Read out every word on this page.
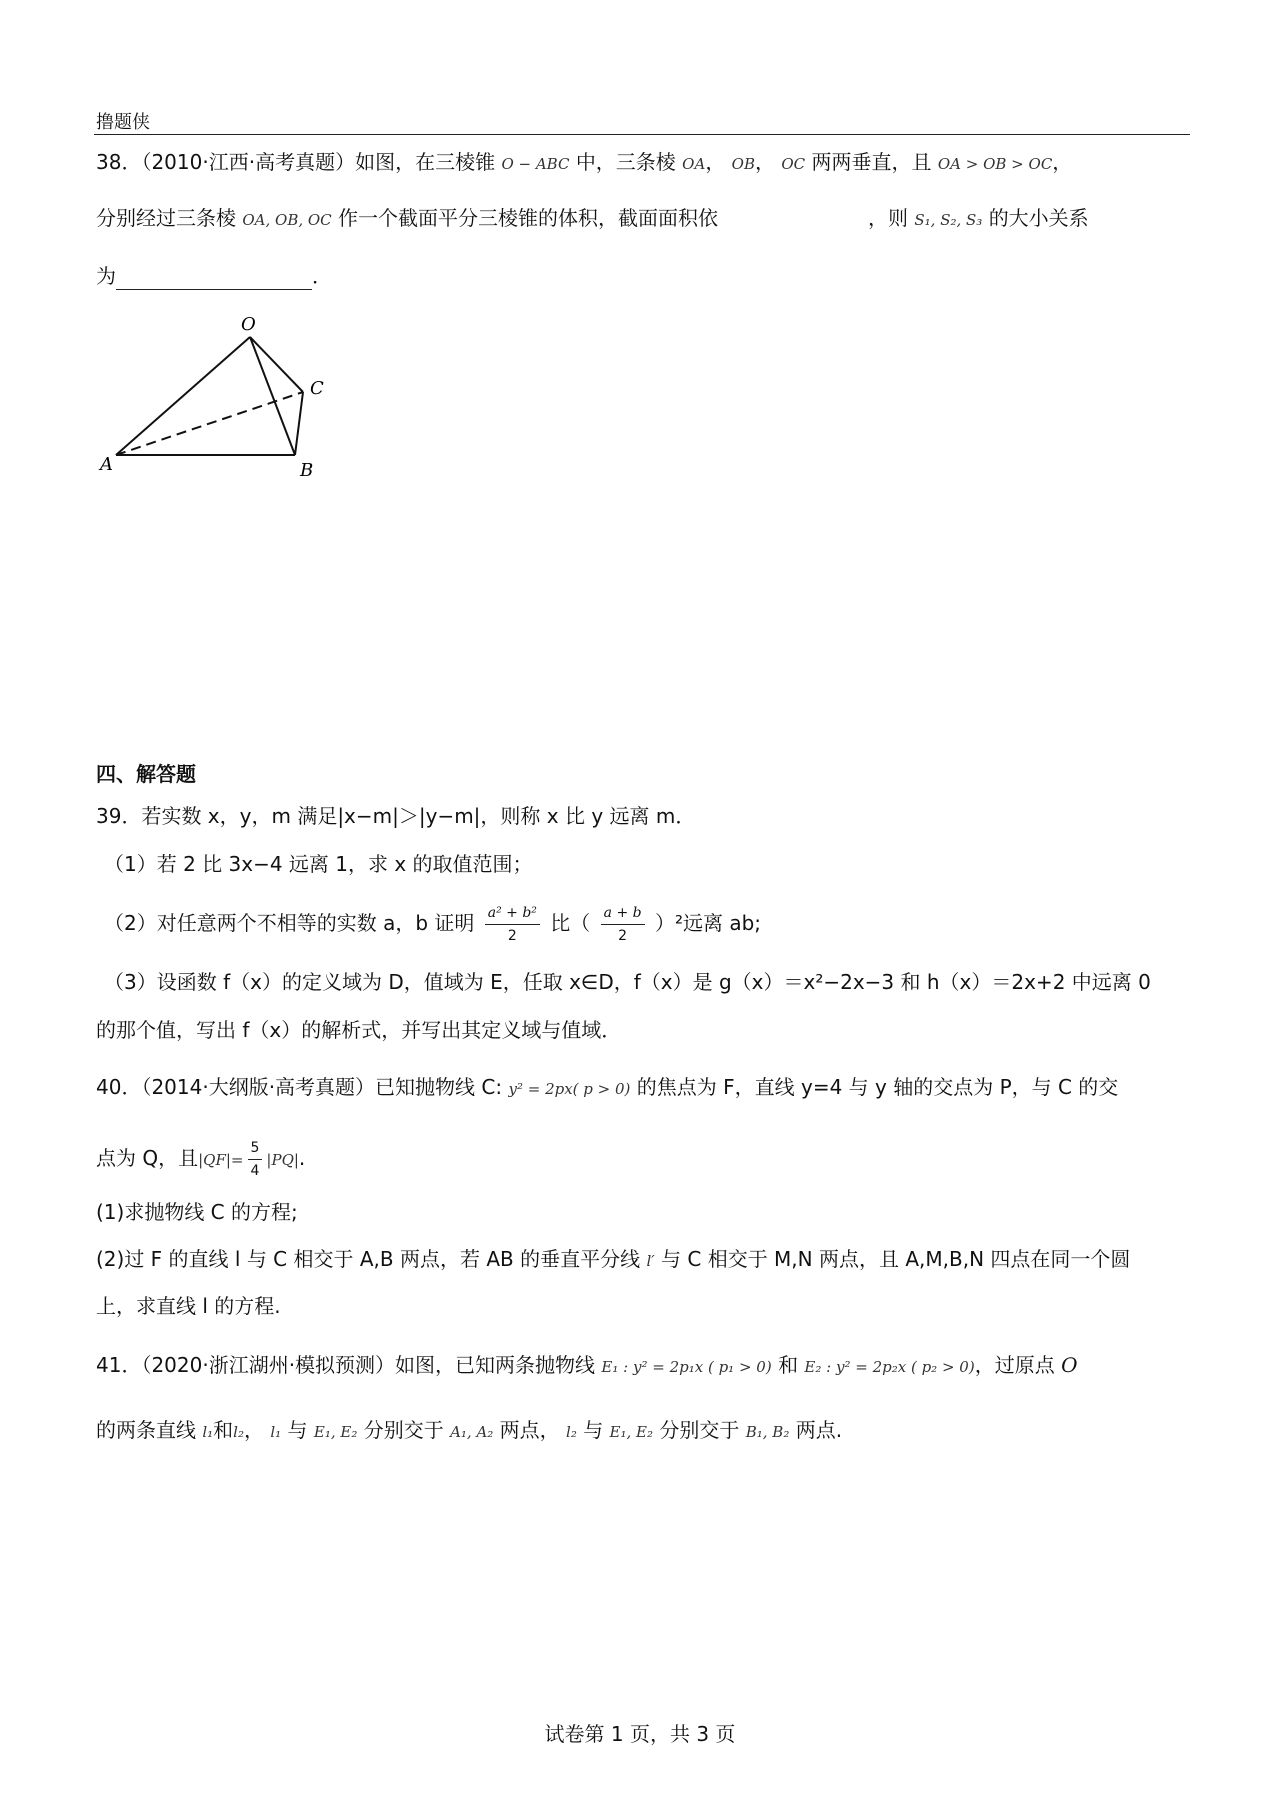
撸题侠
38．（2010·江西·高考真题）如图，在三棱锥 O − ABC 中，三条棱 OA， OB， OC 两两垂直，且 OA > OB > OC，
分别经过三条棱 OA, OB, OC 作一个截面平分三棱锥的体积，截面面积依	，则 S₁, S₂, S₃ 的大小关系
为	．
O
A	B
C
四、解答题
39．若实数 x，y，m 满足|x−m|＞|y−m|，则称 x 比 y 远离 m．
（1）若 2 比 3x−4 远离 1，求 x 的取值范围；
（2）对任意两个不相等的实数 a，b 证明 $\frac{\text{a² + b²}}{2}$ 比（ $\frac{a + b}{2} )^2$远离 ab;
（3）设函数 f（x）的定义域为 D，值域为 E，任取 x∈D，f（x）是 g（x）＝x²−2x−3 和 h（x）＝2x+2 中远离 0
的那个值，写出 f（x）的解析式，并写出其定义域与值域．
40．（2014·大纲版·高考真题）已知抛物线 C: y² = 2px( p > 0) 的焦点为 F，直线 y=4 与 y 轴的交点为 P，与 C 的交
点为 Q，且$|QF|= \frac{5}{4} |PQ|$.
(1)求抛物线 C 的方程;
(2)过 F 的直线 l 与 C 相交于 A,B 两点，若 AB 的垂直平分线 l′ 与 C 相交于 M,N 两点，且 A,M,B,N 四点在同一个圆
上，求直线 l 的方程.
41．（2020·浙江湖州·模拟预测）如图，已知两条抛物线 E₁ : y² = 2p₁x ( p₁ > 0) 和 E₂ : y² = 2p₂x ( p₂ > 0)，过原点 O
的两条直线 l₁和l₂， l₁ 与 E₁, E₂ 分别交于 A₁, A₂ 两点， l₂ 与 E₁, E₂ 分别交于 B₁, B₂ 两点.
试卷第 1 页，共 3 页
